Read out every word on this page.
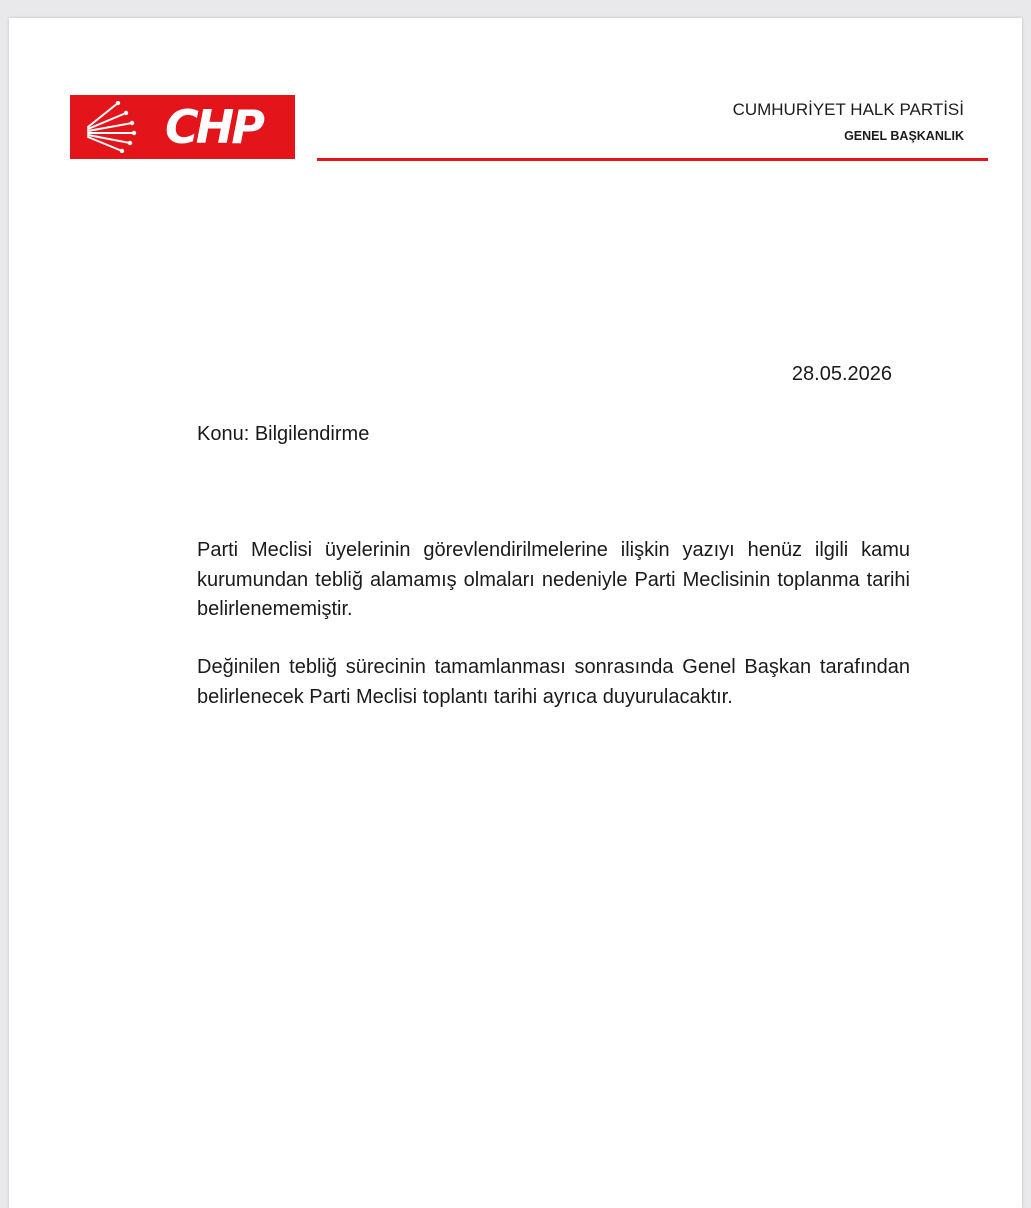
CHP	CUMHURİYET HALK PARTİSİ
GENEL BAŞKANLIK
28.05.2026
Konu: Bilgilendirme

Parti Meclisi üyelerinin görevlendirilmelerine ilişkin yazıyı henüz ilgili kamu kurumundan tebliğ alamamış olmaları nedeniyle Parti Meclisinin toplanma tarihi belirlenememiştir.

Değinilen tebliğ sürecinin tamamlanması sonrasında Genel Başkan tarafından belirlenecek Parti Meclisi toplantı tarihi ayrıca duyurulacaktır.
